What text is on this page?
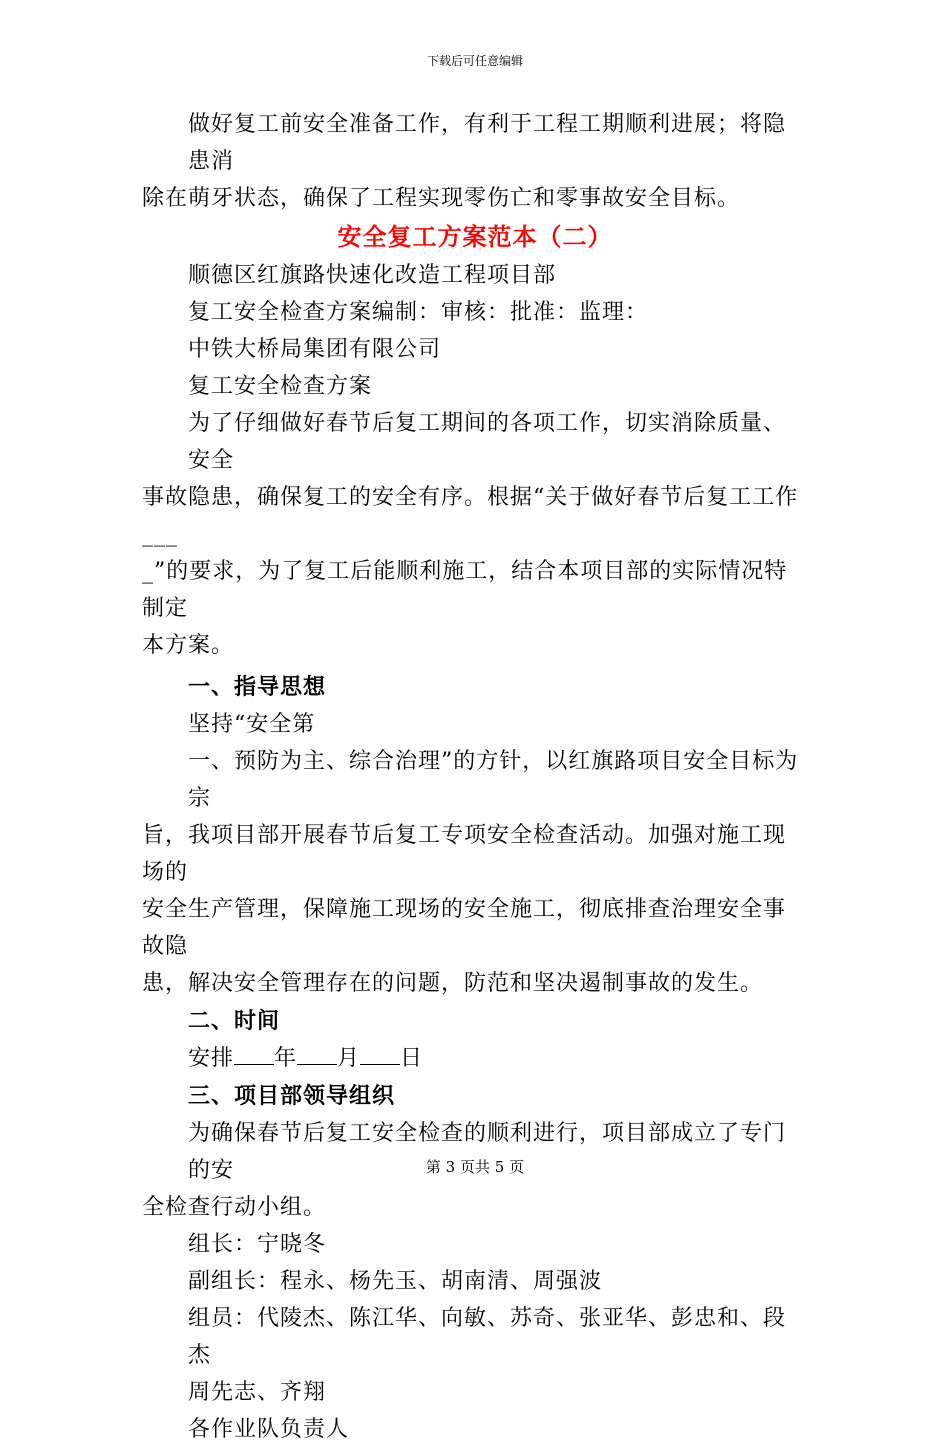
下载后可任意编辑

做好复工前安全准备工作，有利于工程工期顺利进展；将隐患消

除在萌牙状态，确保了工程实现零伤亡和零事故安全目标。

安全复工方案范本（二）

顺德区红旗路快速化改造工程项目部

复工安全检查方案编制：审核：批准：监理：

中铁大桥局集团有限公司

复工安全检查方案

为了仔细做好春节后复工期间的各项工作，切实消除质量、安全

事故隐患，确保复工的安全有序。根据“关于做好春节后复工工作___

_”的要求，为了复工后能顺利施工，结合本项目部的实际情况特制定

本方案。

一、指导思想

坚持“安全第

一、预防为主、综合治理”的方针，以红旗路项目安全目标为宗

旨，我项目部开展春节后复工专项安全检查活动。加强对施工现场的

安全生产管理，保障施工现场的安全施工，彻底排查治理安全事故隐

患，解决安全管理存在的问题，防范和坚决遏制事故的发生。

二、时间

安排 年 月 日

三、项目部领导组织

为确保春节后复工安全检查的顺利进行，项目部成立了专门的安

全检查行动小组。

组长：宁晓冬

副组长：程永、杨先玉、胡南清、周强波

组员：代陵杰、陈江华、向敏、苏奇、张亚华、彭忠和、段杰

周先志、齐翔

各作业队负责人

第 3 页共 5 页
